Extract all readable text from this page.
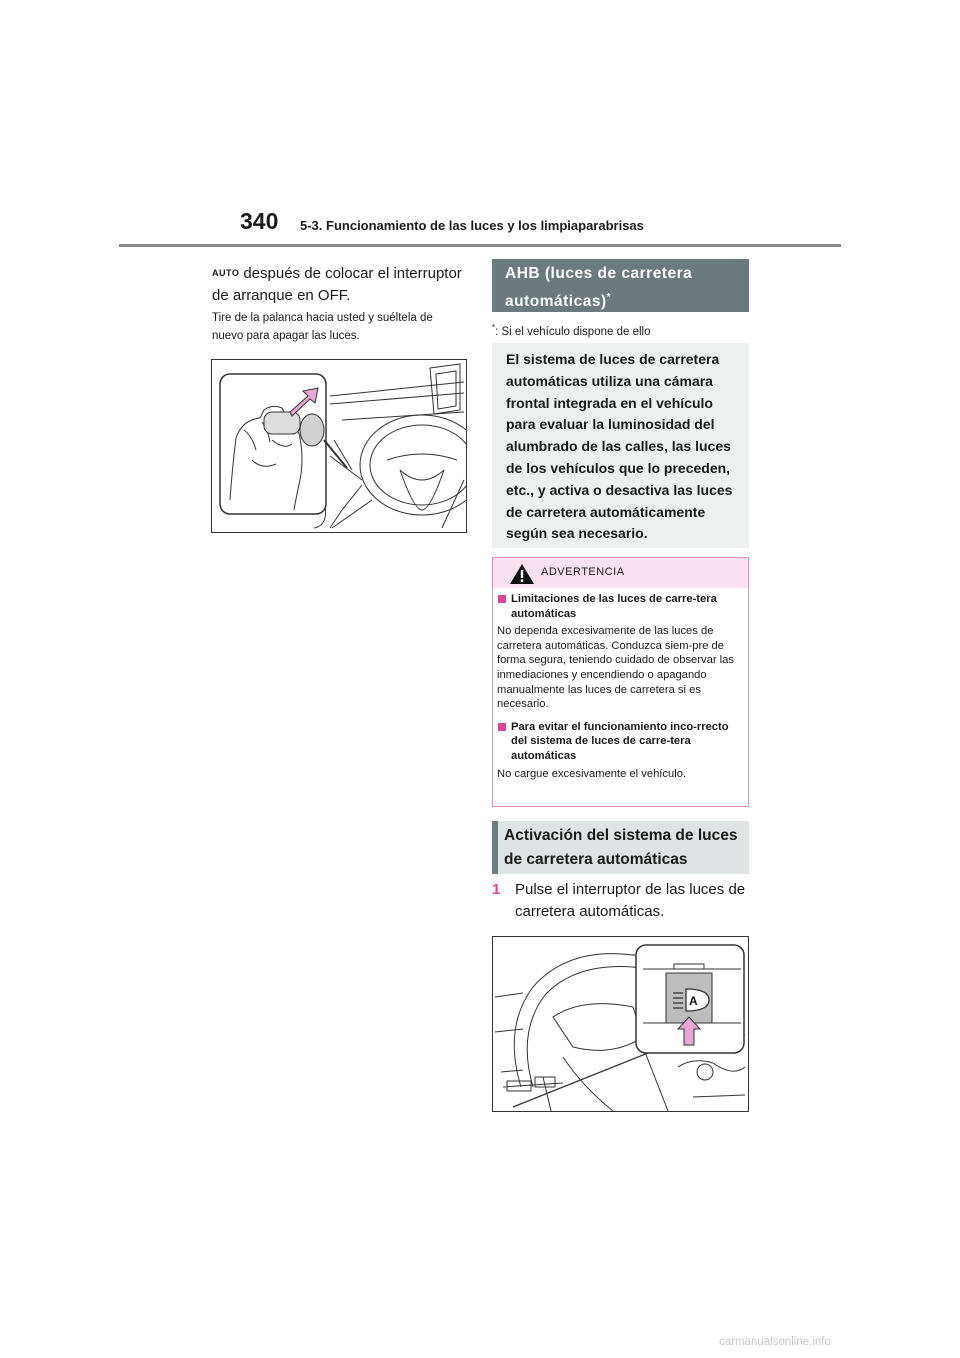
340 5-3. Funcionamiento de las luces y los limpiaparabrisas
AUTO después de colocar el interruptor de arranque en OFF.
Tire de la palanca hacia usted y suéltela de nuevo para apagar las luces.
AHB (luces de carretera automáticas)*
*: Si el vehículo dispone de ello
El sistema de luces de carretera automáticas utiliza una cámara frontal integrada en el vehículo para evaluar la luminosidad del alumbrado de las calles, las luces de los vehículos que lo preceden, etc., y activa o desactiva las luces de carretera automáticamente según sea necesario.
ADVERTENCIA
Limitaciones de las luces de carre-tera automáticas
No dependa excesivamente de las luces de carretera automáticas. Conduzca siem-pre de forma segura, teniendo cuidado de observar las inmediaciones y encendiendo o apagando manualmente las luces de carretera si es necesario.
Para evitar el funcionamiento inco-rrecto del sistema de luces de carre-tera automáticas
No cargue excesivamente el vehículo.
Activación del sistema de luces de carretera automáticas
1 Pulse el interruptor de las luces de carretera automáticas.
A
carmanualsonline.info
